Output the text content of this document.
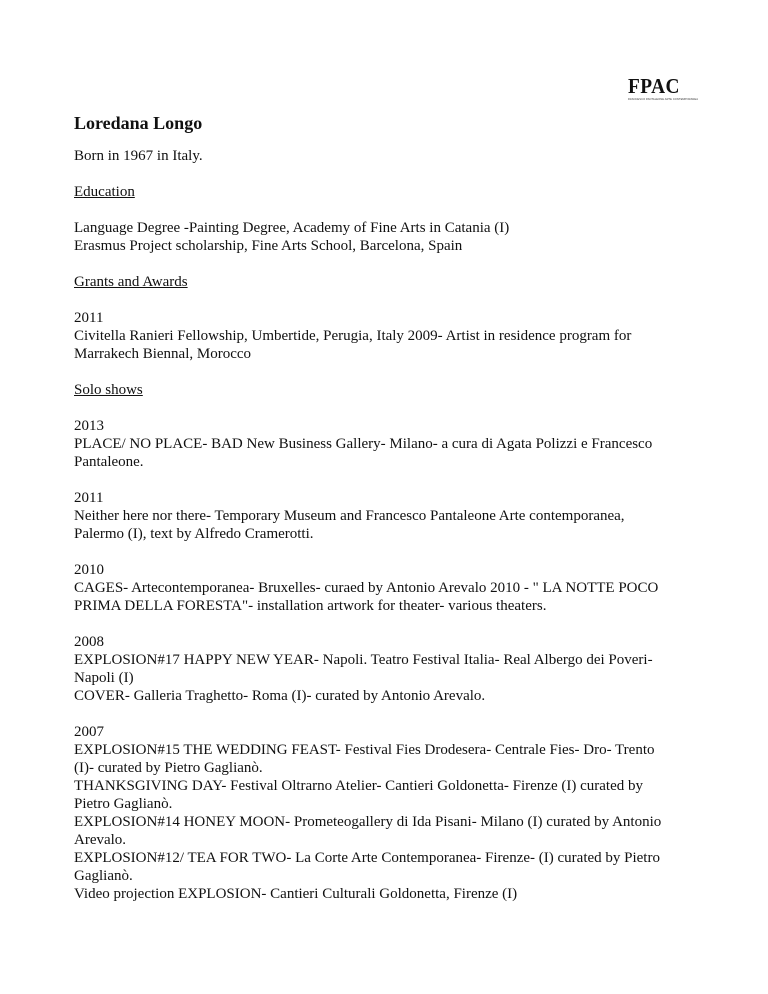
FPAC
FRANCESCO PANTALEONE ARTE CONTEMPORANEA
Loredana Longo

Born in 1967 in Italy.

Education

Language Degree -Painting Degree, Academy of Fine Arts in Catania (I)
Erasmus Project scholarship, Fine Arts School, Barcelona, Spain

Grants and Awards

2011
Civitella Ranieri Fellowship, Umbertide, Perugia, Italy 2009- Artist in residence program for
Marrakech Biennal, Morocco

Solo shows

2013
PLACE/ NO PLACE- BAD New Business Gallery- Milano- a cura di Agata Polizzi e Francesco
Pantaleone.

2011
Neither here nor there- Temporary Museum and Francesco Pantaleone Arte contemporanea,
Palermo (I), text by Alfredo Cramerotti.

2010
CAGES- Artecontemporanea- Bruxelles- curaed by Antonio Arevalo 2010 - " LA NOTTE POCO
PRIMA DELLA FORESTA"- installation artwork for theater- various theaters.

2008
EXPLOSION#17 HAPPY NEW YEAR- Napoli. Teatro Festival Italia- Real Albergo dei Poveri-
Napoli (I)
COVER- Galleria Traghetto- Roma (I)- curated by Antonio Arevalo.

2007
EXPLOSION#15 THE WEDDING FEAST- Festival Fies Drodesera- Centrale Fies- Dro- Trento
(I)- curated by Pietro Gaglianò.
THANKSGIVING DAY- Festival Oltrarno Atelier- Cantieri Goldonetta- Firenze (I) curated by
Pietro Gaglianò.
EXPLOSION#14 HONEY MOON- Prometeogallery di Ida Pisani- Milano (I) curated by Antonio
Arevalo.
EXPLOSION#12/ TEA FOR TWO- La Corte Arte Contemporanea- Firenze- (I) curated by Pietro
Gaglianò.
Video projection EXPLOSION- Cantieri Culturali Goldonetta, Firenze (I)
